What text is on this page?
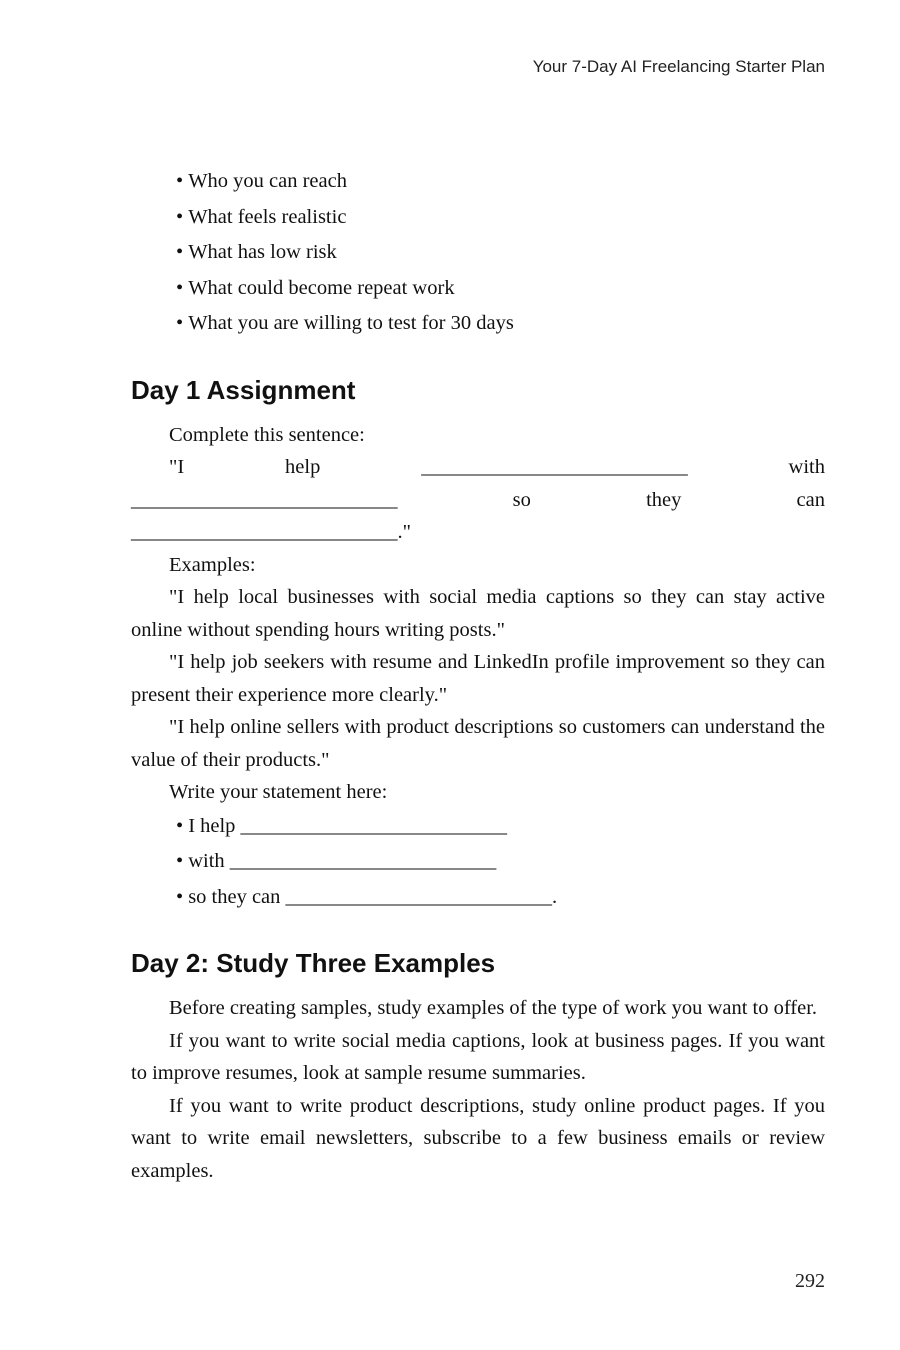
Your 7-Day AI Freelancing Starter Plan
• Who you can reach
• What feels realistic
• What has low risk
• What could become repeat work
• What you are willing to test for 30 days
Day 1 Assignment

Complete this sentence:

"I help __________________________ with
__________________________ so they can
__________________________."

Examples:

"I help local businesses with social media captions so they can stay active online without spending hours writing posts."

"I help job seekers with resume and LinkedIn profile improvement so they can present their experience more clearly."

"I help online sellers with product descriptions so customers can understand the value of their products."

Write your statement here:

• I help __________________________
• with __________________________
• so they can __________________________.
Day 2: Study Three Examples

Before creating samples, study examples of the type of work you want to offer.

If you want to write social media captions, look at business pages. If you want to improve resumes, look at sample resume summaries.

If you want to write product descriptions, study online product pages. If you want to write email newsletters, subscribe to a few business emails or review examples.

292
